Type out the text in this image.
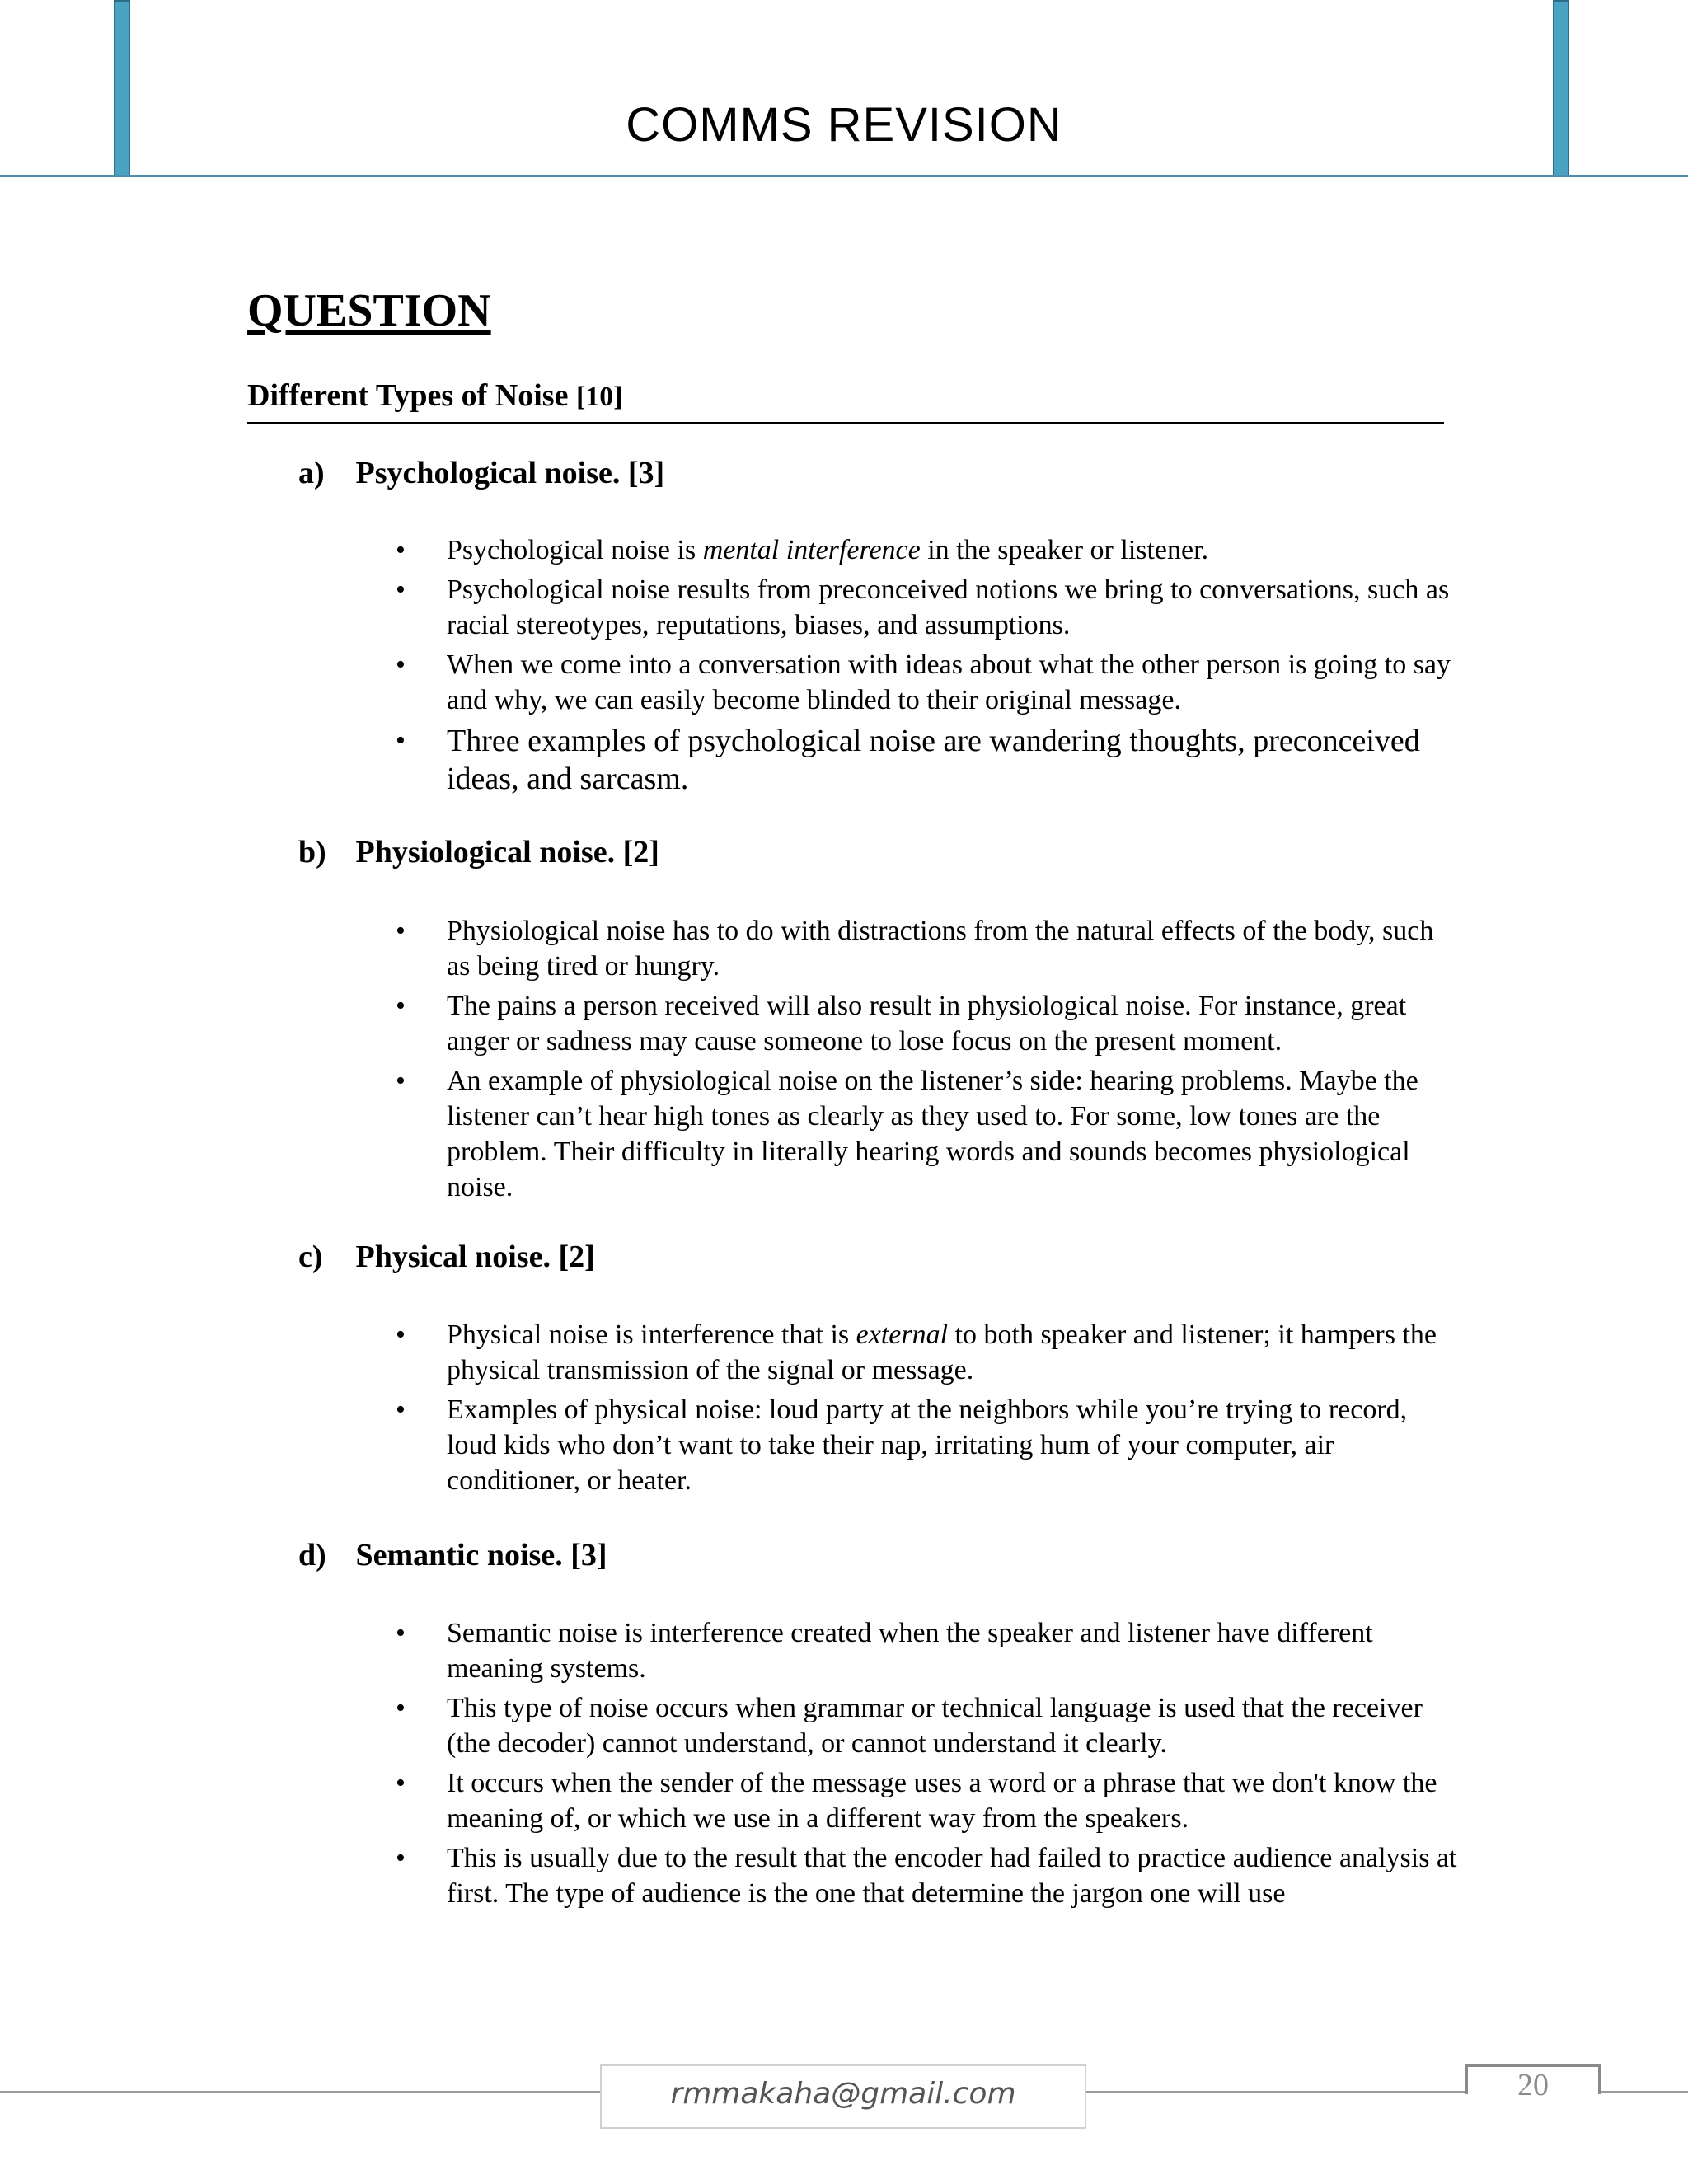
COMMS REVISION
QUESTION
Different Types of Noise [10]
a) Psychological noise. [3]
• Psychological noise is mental interference in the speaker or listener.
• Psychological noise results from preconceived notions we bring to conversations, such as racial stereotypes, reputations, biases, and assumptions.
• When we come into a conversation with ideas about what the other person is going to say and why, we can easily become blinded to their original message.
• Three examples of psychological noise are wandering thoughts, preconceived ideas, and sarcasm.
b) Physiological noise. [2]
• Physiological noise has to do with distractions from the natural effects of the body, such as being tired or hungry.
• The pains a person received will also result in physiological noise. For instance, great anger or sadness may cause someone to lose focus on the present moment.
• An example of physiological noise on the listener’s side: hearing problems. Maybe the listener can’t hear high tones as clearly as they used to. For some, low tones are the problem. Their difficulty in literally hearing words and sounds becomes physiological noise.
c) Physical noise. [2]
• Physical noise is interference that is external to both speaker and listener; it hampers the physical transmission of the signal or message.
• Examples of physical noise: loud party at the neighbors while you’re trying to record, loud kids who don’t want to take their nap, irritating hum of your computer, air conditioner, or heater.
d) Semantic noise. [3]
• Semantic noise is interference created when the speaker and listener have different meaning systems.
• This type of noise occurs when grammar or technical language is used that the receiver (the decoder) cannot understand, or cannot understand it clearly.
• It occurs when the sender of the message uses a word or a phrase that we don't know the meaning of, or which we use in a different way from the speakers.
• This is usually due to the result that the encoder had failed to practice audience analysis at first. The type of audience is the one that determine the jargon one will use
rmmakaha@gmail.com	20
